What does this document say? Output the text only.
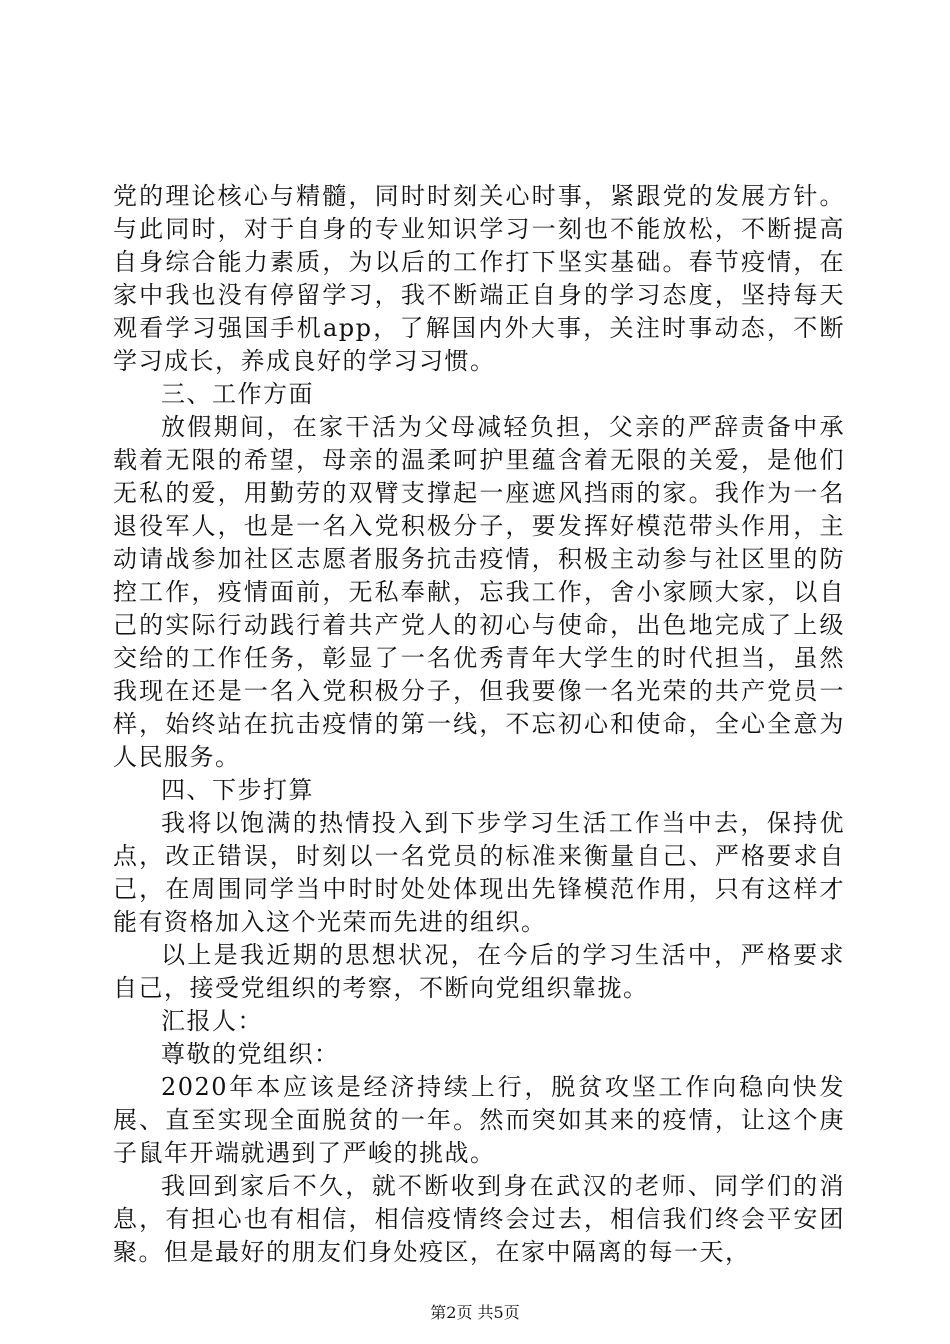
党的理论核心与精髓，同时时刻关心时事，紧跟党的发展方针。与此同时，对于自身的专业知识学习一刻也不能放松，不断提高自身综合能力素质，为以后的工作打下坚实基础。春节疫情，在家中我也没有停留学习，我不断端正自身的学习态度，坚持每天观看学习强国手机app，了解国内外大事，关注时事动态，不断学习成长，养成良好的学习习惯。

三、工作方面

放假期间，在家干活为父母减轻负担，父亲的严辞责备中承载着无限的希望，母亲的温柔呵护里蕴含着无限的关爱，是他们无私的爱，用勤劳的双臂支撑起一座遮风挡雨的家。我作为一名退役军人，也是一名入党积极分子，要发挥好模范带头作用，主动请战参加社区志愿者服务抗击疫情，积极主动参与社区里的防控工作，疫情面前，无私奉献，忘我工作，舍小家顾大家，以自己的实际行动践行着共产党人的初心与使命，出色地完成了上级交给的工作任务，彰显了一名优秀青年大学生的时代担当，虽然我现在还是一名入党积极分子，但我要像一名光荣的共产党员一样，始终站在抗击疫情的第一线，不忘初心和使命，全心全意为人民服务。

四、下步打算

我将以饱满的热情投入到下步学习生活工作当中去，保持优点，改正错误，时刻以一名党员的标准来衡量自己、严格要求自己，在周围同学当中时时处处体现出先锋模范作用，只有这样才能有资格加入这个光荣而先进的组织。

以上是我近期的思想状况，在今后的学习生活中，严格要求自己，接受党组织的考察，不断向党组织靠拢。

汇报人：

尊敬的党组织：

2020年本应该是经济持续上行，脱贫攻坚工作向稳向快发展、直至实现全面脱贫的一年。然而突如其来的疫情，让这个庚子鼠年开端就遇到了严峻的挑战。

我回到家后不久，就不断收到身在武汉的老师、同学们的消息，有担心也有相信，相信疫情终会过去，相信我们终会平安团聚。但是最好的朋友们身处疫区，在家中隔离的每一天，

第2页 共5页
